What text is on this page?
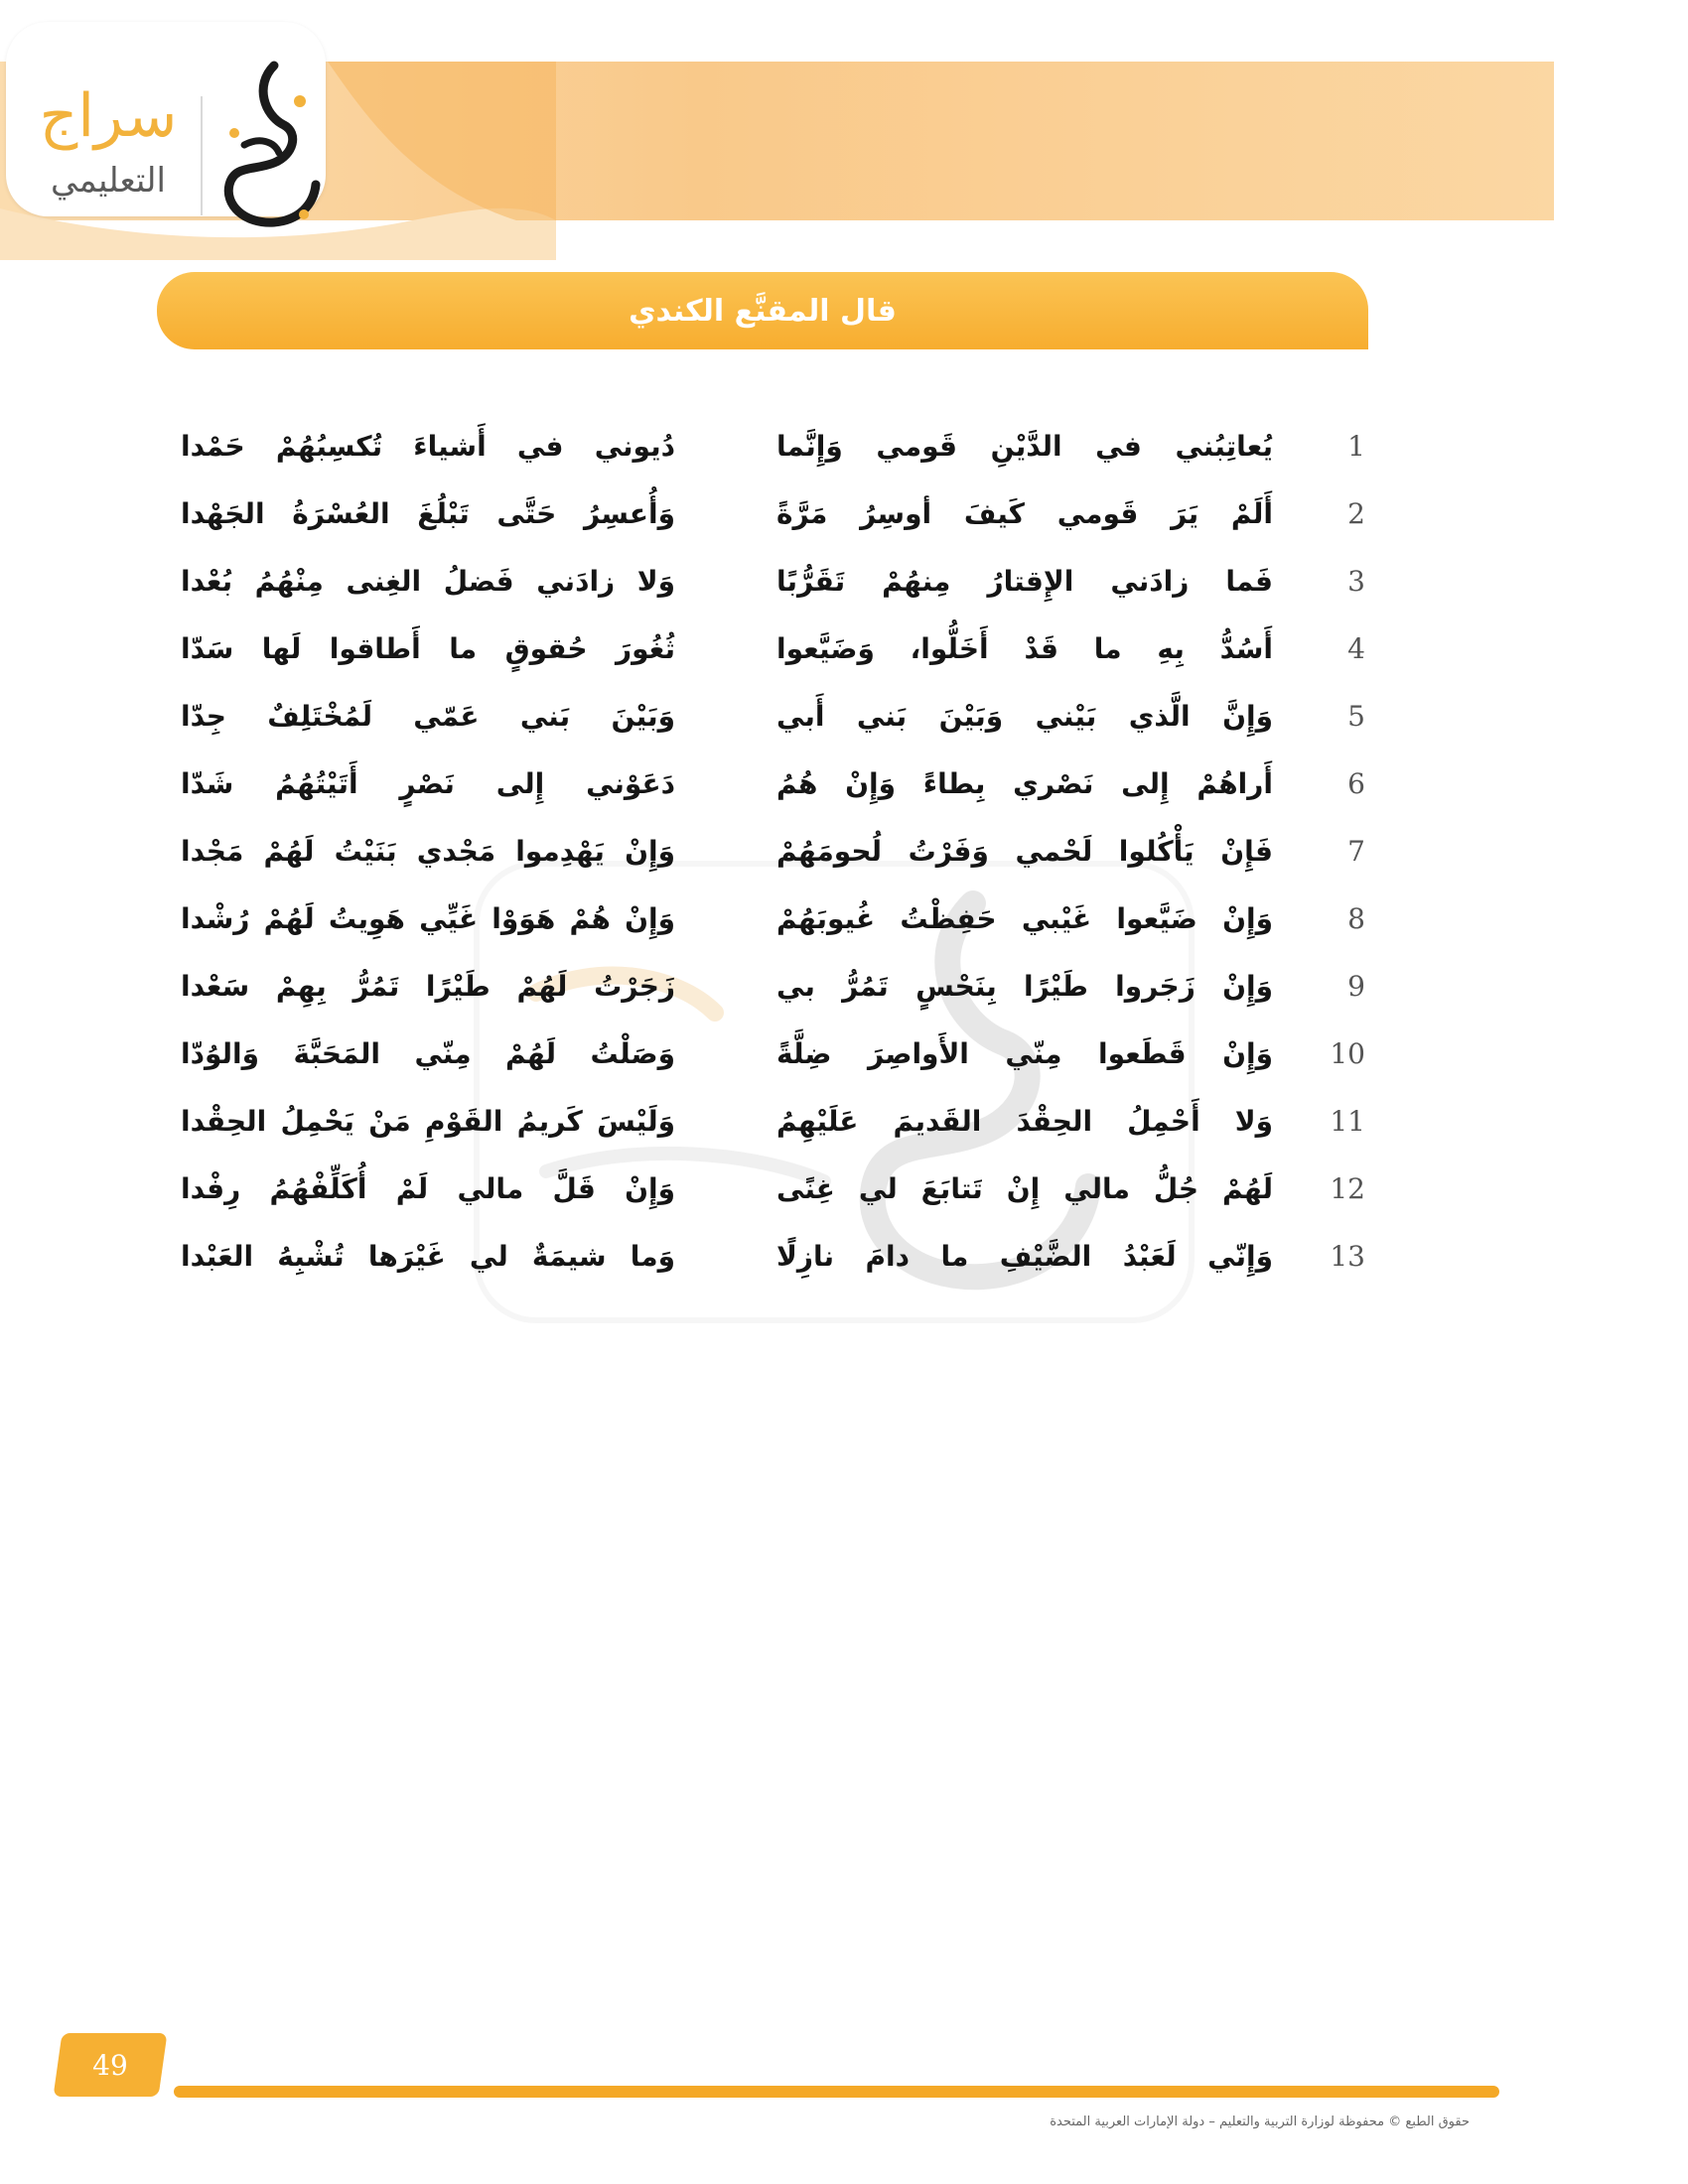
سراج
التعليمي
قال المقنَّع الكندي
1
يُعاتِبُني في الدَّيْنِ قَومي وَإِنَّما
دُيوني في أَشياءَ تُكسِبُهُمْ حَمْدا
2
أَلَمْ يَرَ قَومي كَيفَ أوسِرُ مَرَّةً
وَأُعسِرُ حَتَّى تَبْلُغَ العُسْرَةُ الجَهْدا
3
فَما زادَني الإِقتارُ مِنهُمْ تَقَرُّبًا
وَلا زادَني فَضلُ الغِنى مِنْهُمُ بُعْدا
4
أَسُدُّ بِهِ ما قَدْ أَخَلُّوا، وَضَيَّعوا
ثُغُورَ حُقوقٍ ما أَطاقوا لَها سَدّا
5
وَإِنَّ الَّذي بَيْني وَبَيْنَ بَني أَبي
وَبَيْنَ بَني عَمّي لَمُخْتَلِفٌ جِدّا
6
أَراهُمْ إِلى نَصْري بِطاءً وَإِنْ هُمُ
دَعَوْني إِلى نَصْرٍ أَتَيْتُهُمُ شَدّا
7
فَإِنْ يَأْكُلوا لَحْمي وَفَرْتُ لُحومَهُمْ
وَإِنْ يَهْدِموا مَجْدي بَنَيْتُ لَهُمْ مَجْدا
8
وَإِنْ ضَيَّعوا غَيْبي حَفِظْتُ غُيوبَهُمْ
وَإِنْ هُمْ هَوَوْا غَيِّي هَوِيتُ لَهُمْ رُشْدا
9
وَإِنْ زَجَروا طَيْرًا بِنَحْسٍ تَمُرُّ بي
زَجَرْتُ لَهُمْ طَيْرًا تَمُرُّ بِهِمْ سَعْدا
10
وَإِنْ قَطَعوا مِنّي الأَواصِرَ ضِلَّةً
وَصَلْتُ لَهُمْ مِنّي المَحَبَّةَ وَالوُدّا
11
وَلا أَحْمِلُ الحِقْدَ القَديمَ عَلَيْهِمُ
وَلَيْسَ كَريمُ القَوْمِ مَنْ يَحْمِلُ الحِقْدا
12
لَهُمْ جُلُّ مالي إِنْ تَتابَعَ لي غِنًى
وَإِنْ قَلَّ مالي لَمْ أُكَلِّفْهُمُ رِفْدا
13
وَإِنّي لَعَبْدُ الضَّيْفِ ما دامَ نازِلًا
وَما شيمَةٌ لي غَيْرَها تُشْبِهُ العَبْدا
49
حقوق الطبع © محفوظة لوزارة التربية والتعليم – دولة الإمارات العربية المتحدة
